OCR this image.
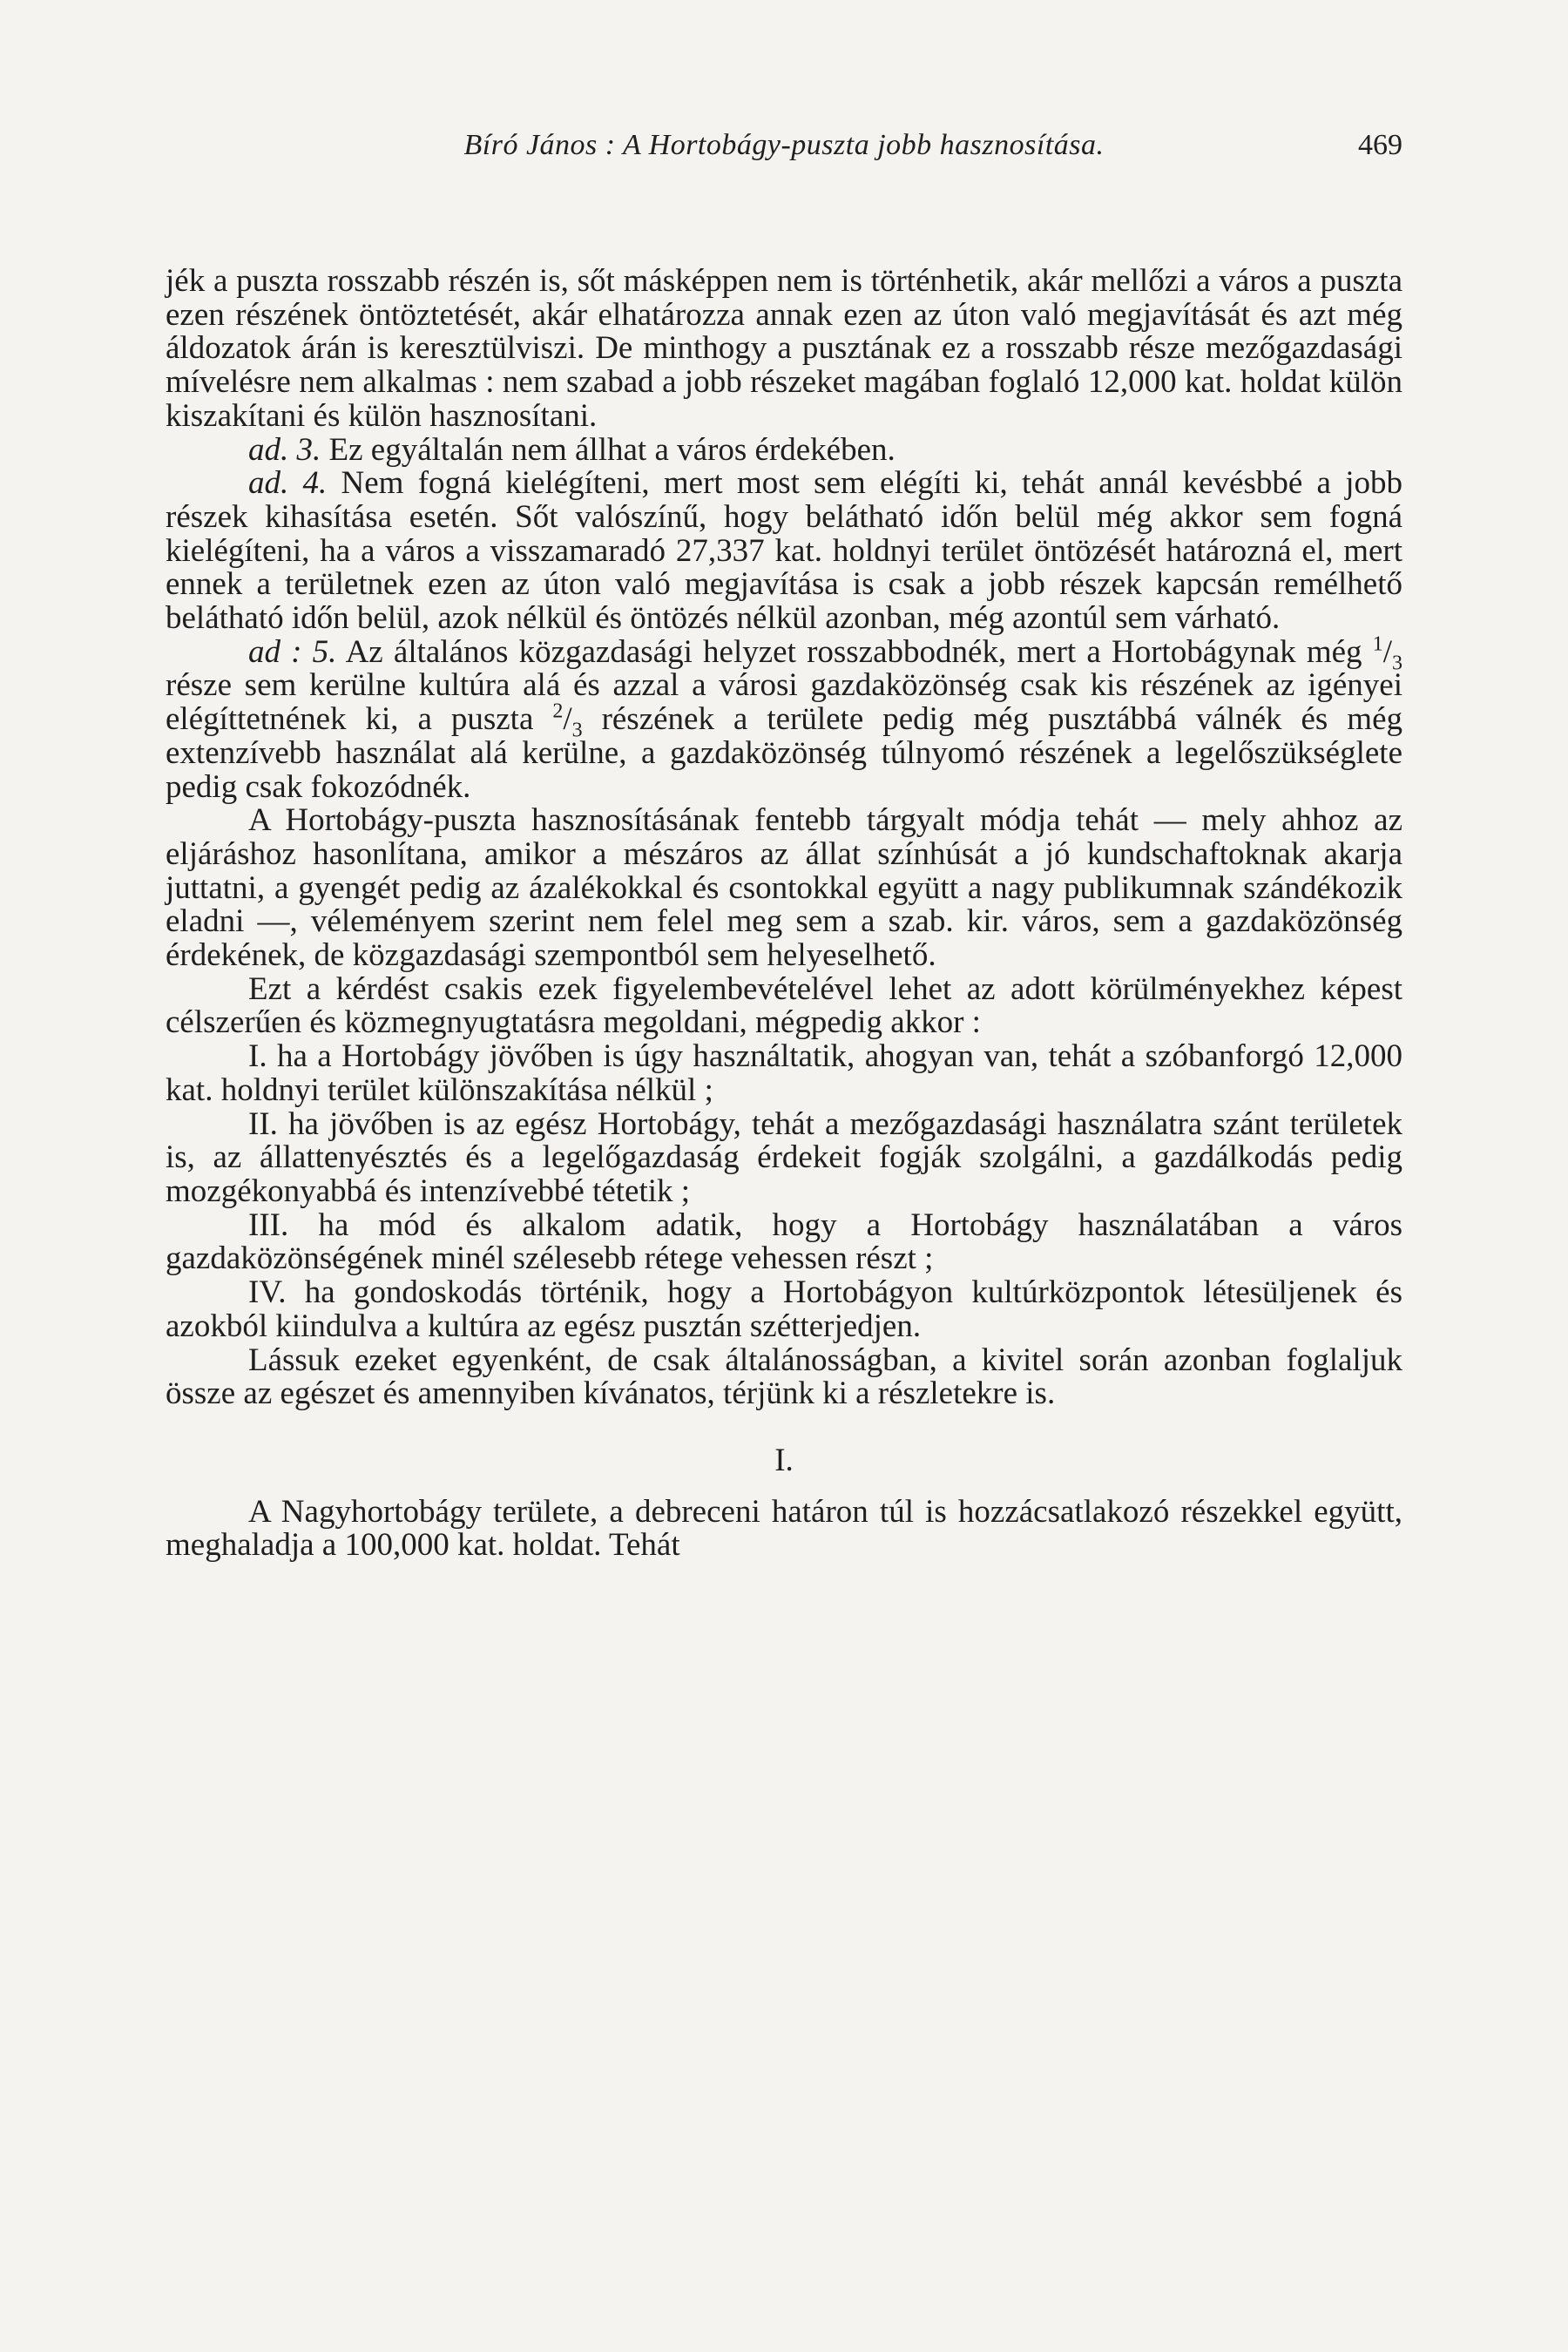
Bíró János : A Hortobágy-puszta jobb hasznosítása.	469

jék a puszta rosszabb részén is, sőt másképpen nem is történhetik, akár mellőzi a város a puszta ezen részének öntöztetését, akár elhatározza annak ezen az úton való megjavítását és azt még áldozatok árán is keresztülviszi. De minthogy a pusztának ez a rosszabb része mezőgazdasági mívelésre nem alkalmas : nem szabad a jobb részeket magában foglaló 12,000 kat. holdat külön kiszakítani és külön hasznosítani.

ad. 3. Ez egyáltalán nem állhat a város érdekében.

ad. 4. Nem fogná kielégíteni, mert most sem elégíti ki, tehát annál kevésbbé a jobb részek kihasítása esetén. Sőt valószínű, hogy belátható időn belül még akkor sem fogná kielégíteni, ha a város a visszamaradó 27,337 kat. holdnyi terület öntözését határozná el, mert ennek a területnek ezen az úton való megjavítása is csak a jobb részek kapcsán remélhető belátható időn belül, azok nélkül és öntözés nélkül azonban, még azontúl sem várható.

ad : 5. Az általános közgazdasági helyzet rosszabbodnék, mert a Hortobágynak még $^1/_3$ része sem kerülne kultúra alá és azzal a városi gazdaközönség csak kis részének az igényei elégíttetnének ki, a puszta $^2/_3$ részének a területe pedig még pusztábbá válnék és még extenzívebb használat alá kerülne, a gazdaközönség túlnyomó részének a legelőszükséglete pedig csak fokozódnék.

A Hortobágy-puszta hasznosításának fentebb tárgyalt módja tehát — mely ahhoz az eljáráshoz hasonlítana, amikor a mészáros az állat színhúsát a jó kundschaftoknak akarja juttatni, a gyengét pedig az ázalékokkal és csontokkal együtt a nagy publikumnak szándékozik eladni —, véleményem szerint nem felel meg sem a szab. kir. város, sem a gazdaközönség érdekének, de közgazdasági szempontból sem helyeselhető.

Ezt a kérdést csakis ezek figyelembevételével lehet az adott körülményekhez képest célszerűen és közmegnyugtatásra megoldani, mégpedig akkor :

I. ha a Hortobágy jövőben is úgy használtatik, ahogyan van, tehát a szóbanforgó 12,000 kat. holdnyi terület különszakítása nélkül ;

II. ha jövőben is az egész Hortobágy, tehát a mezőgazdasági használatra szánt területek is, az állattenyésztés és a legelőgazdaság érdekeit fogják szolgálni, a gazdálkodás pedig mozgékonyabbá és intenzívebbé tétetik ;

III. ha mód és alkalom adatik, hogy a Hortobágy használatában a város gazdaközönségének minél szélesebb rétege vehessen részt ;

IV. ha gondoskodás történik, hogy a Hortobágyon kultúrközpontok létesüljenek és azokból kiindulva a kultúra az egész pusztán szétterjedjen.

Lássuk ezeket egyenként, de csak általánosságban, a kivitel során azonban foglaljuk össze az egészet és amennyiben kívánatos, térjünk ki a részletekre is.

I.

A Nagyhortobágy területe, a debreceni határon túl is hozzácsatlakozó részekkel együtt, meghaladja a 100,000 kat. holdat. Tehát
